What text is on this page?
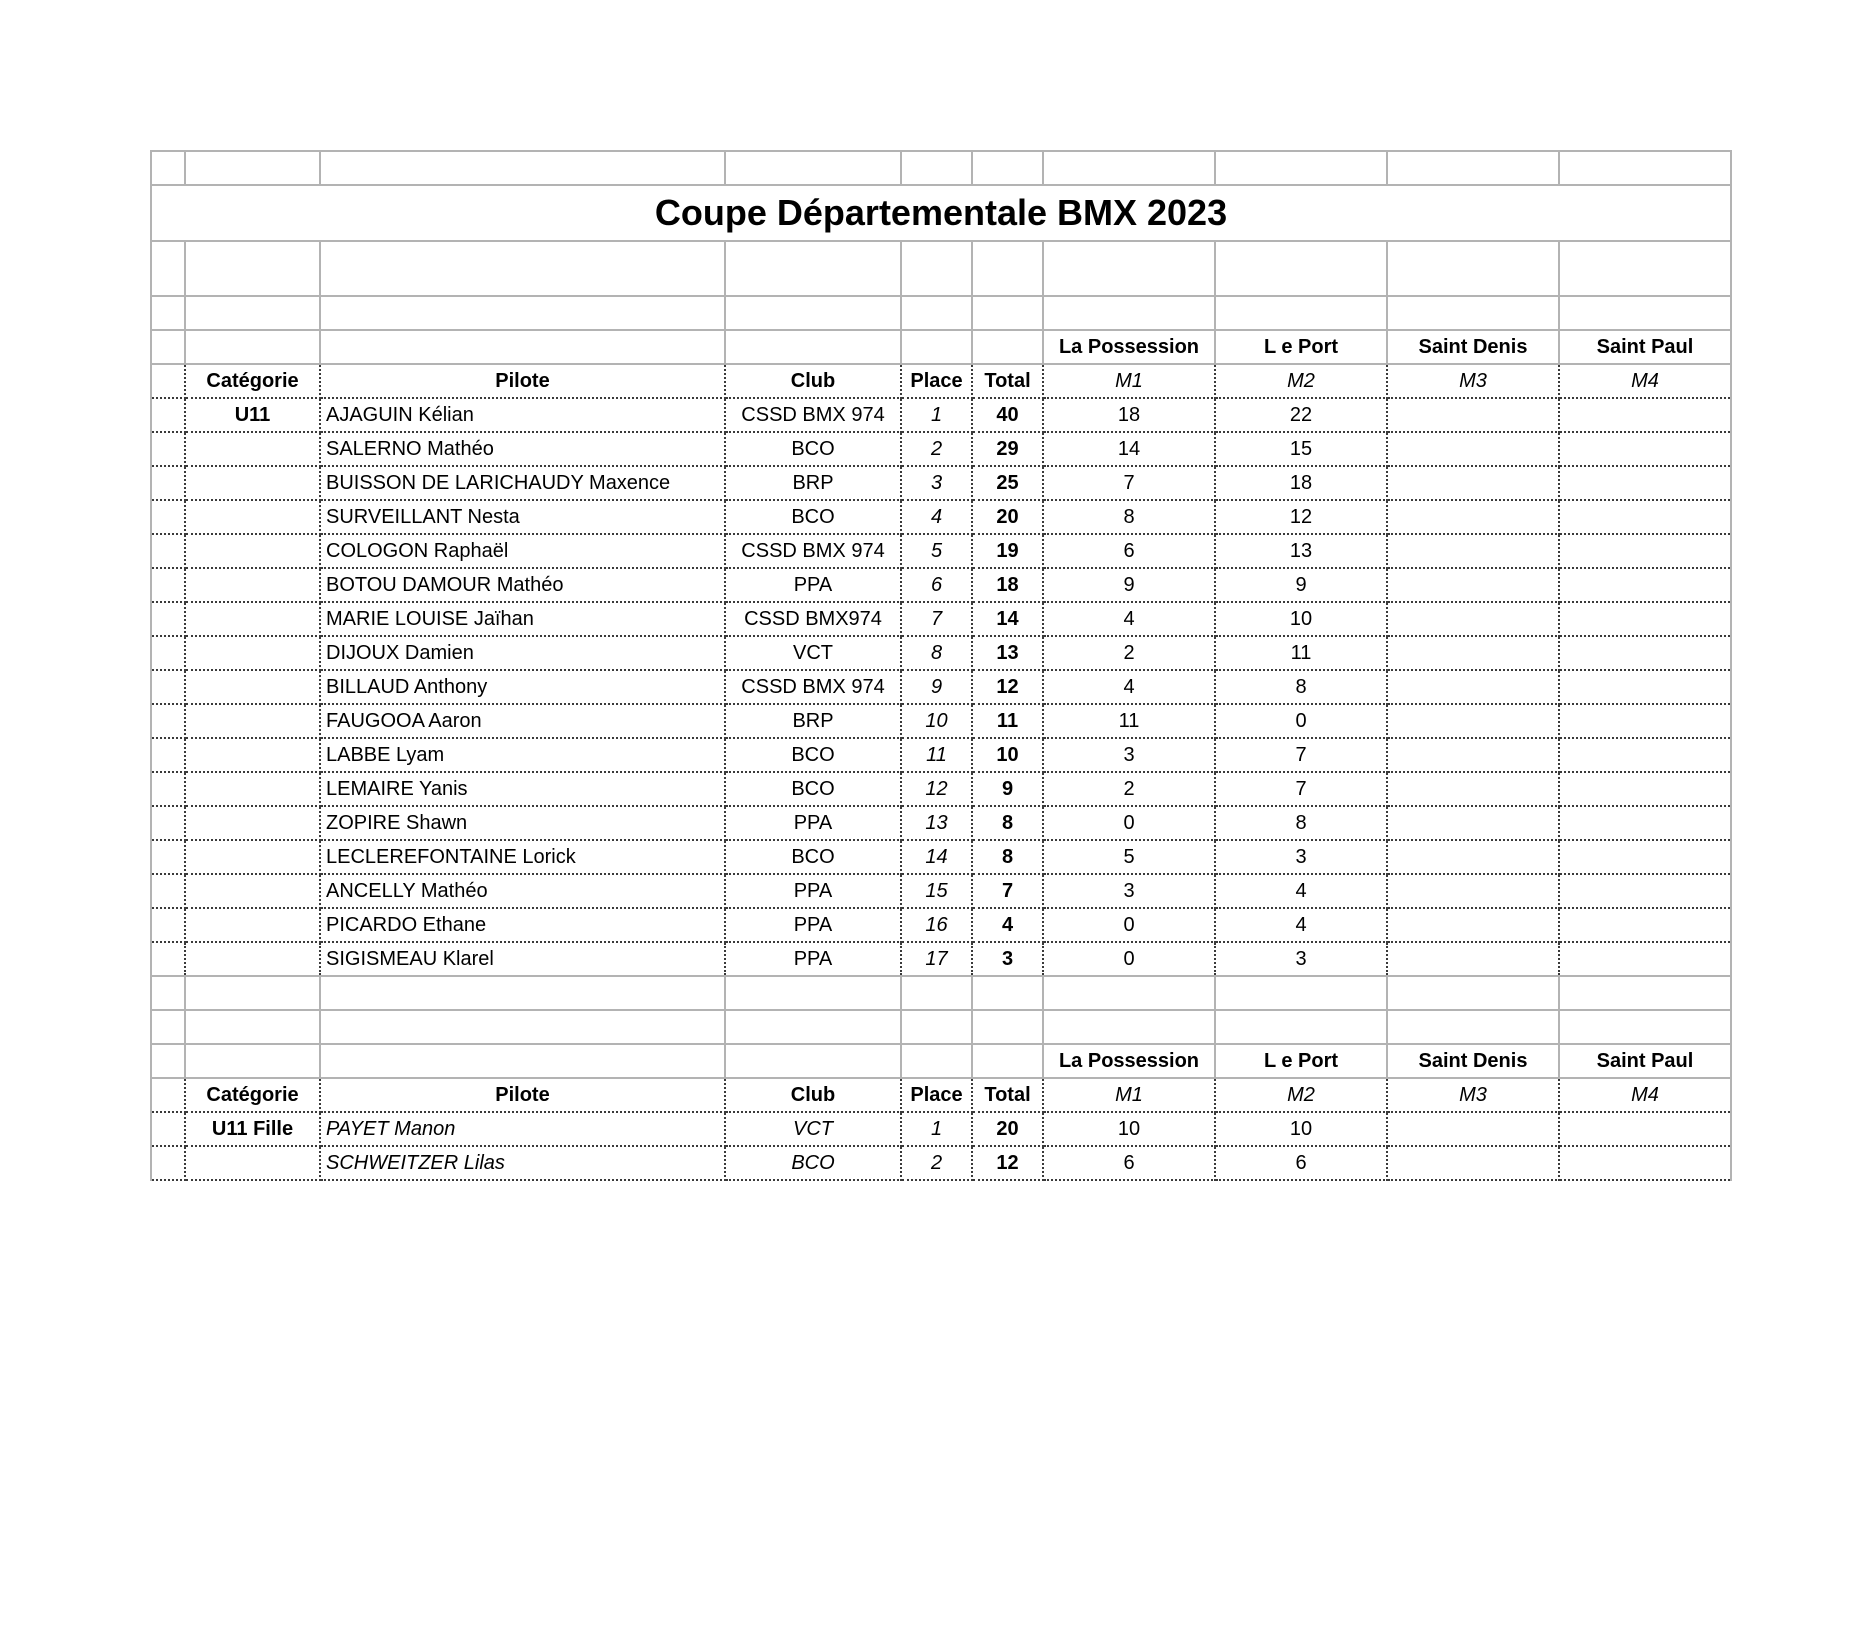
Coupe Départementale BMX 2023									

						La Possession	L e Port	Saint Denis	Saint Paul
	Catégorie	Pilote	Club	Place	Total	M1	M2	M3	M4
	U11	AJAGUIN Kélian	CSSD BMX 974	1	40	18	22		
		SALERNO Mathéo	BCO	2	29	14	15		
		BUISSON DE LARICHAUDY Maxence	BRP	3	25	7	18		
		SURVEILLANT Nesta	BCO	4	20	8	12		
		COLOGON Raphaël	CSSD BMX 974	5	19	6	13		
		BOTOU DAMOUR Mathéo	PPA	6	18	9	9		
		MARIE LOUISE Jaïhan	CSSD BMX974	7	14	4	10		
		DIJOUX Damien	VCT	8	13	2	11		
		BILLAUD Anthony	CSSD BMX 974	9	12	4	8		
		FAUGOOA Aaron	BRP	10	11	11	0		
		LABBE Lyam	BCO	11	10	3	7		
		LEMAIRE Yanis	BCO	12	9	2	7		
		ZOPIRE Shawn	PPA	13	8	0	8		
		LECLEREFONTAINE Lorick	BCO	14	8	5	3		
		ANCELLY Mathéo	PPA	15	7	3	4		
		PICARDO Ethane	PPA	16	4	0	4		
		SIGISMEAU Klarel	PPA	17	3	0	3		

						La Possession	L e Port	Saint Denis	Saint Paul
	Catégorie	Pilote	Club	Place	Total	M1	M2	M3	M4
	U11 Fille	PAYET Manon	VCT	1	20	10	10		
		SCHWEITZER Lilas	BCO	2	12	6	6		
